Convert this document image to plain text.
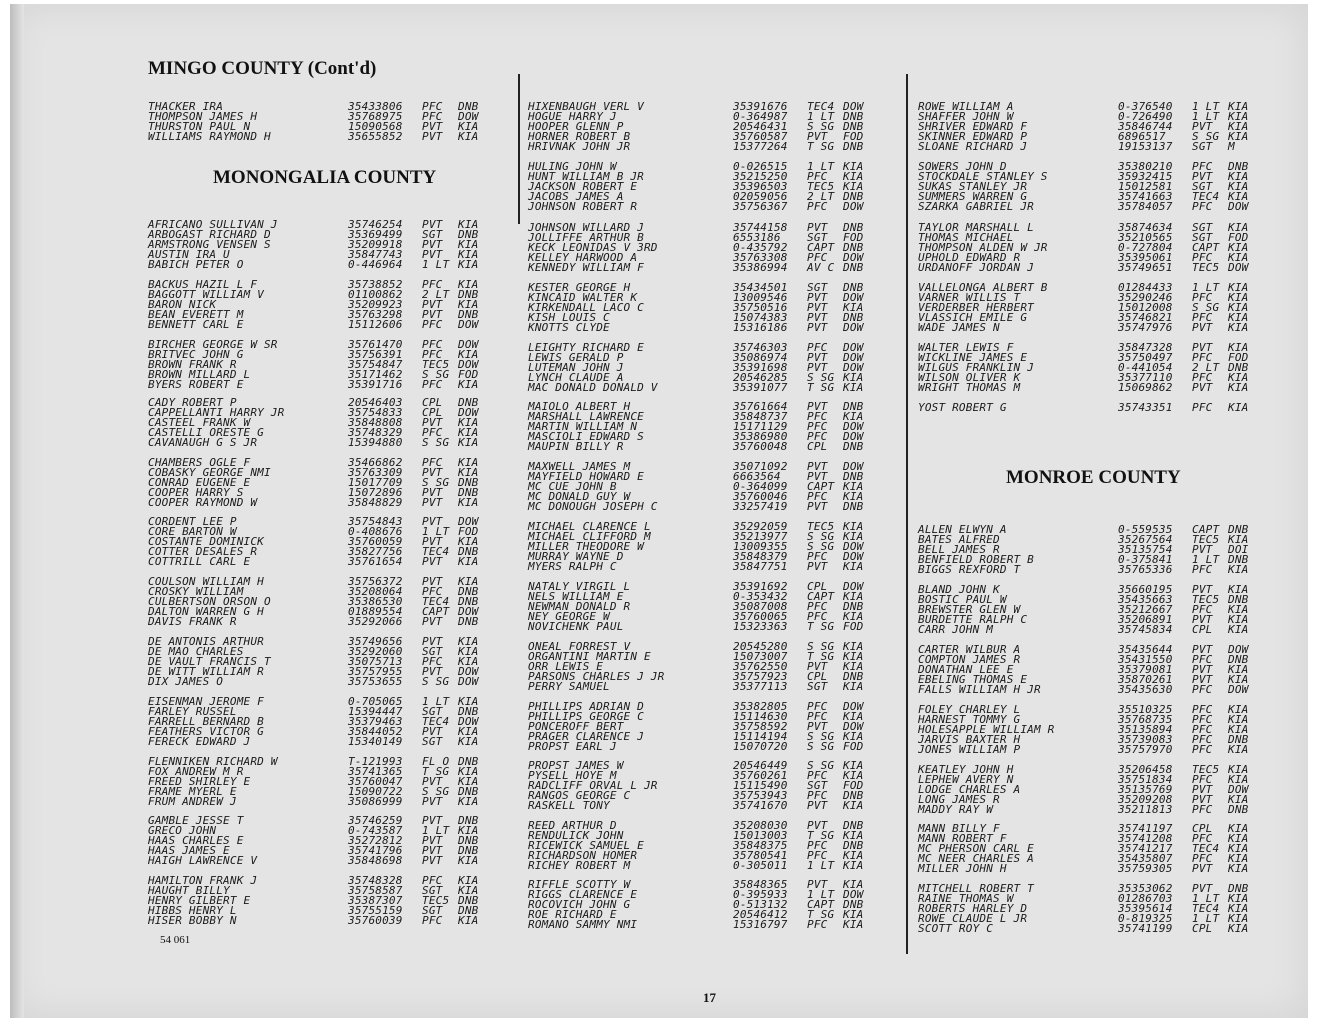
MINGO COUNTY (Cont'd)
MONONGALIA COUNTY
MONROE COUNTY
THACKER IRA	35433806 PFC DNB
THOMPSON JAMES H	35768975 PFC DOW
THURSTON PAUL N	15090568 PVT KIA
WILLIAMS RAYMOND H	35655852 PVT KIA
AFRICANO SULLIVAN J	35746254 PVT KIA
ARBOGAST RICHARD D	35369499 SGT DNB
ARMSTRONG VENSEN S	35209918 PVT KIA
AUSTIN IRA U	35847743 PVT KIA
BABICH PETER O	0-446964 1 LT KIA
BACKUS HAZIL L F	35738852 PFC KIA
BAGGOTT WILLIAM V	01100862 2 LT DNB
BARON NICK	35209923 PVT KIA
BEAN EVERETT M	35763298 PVT DNB
BENNETT CARL E	15112606 PFC DOW
BIRCHER GEORGE W SR	35761470 PFC DOW
BRITVEC JOHN G	35756391 PFC KIA
BROWN FRANK R	35754847 TEC5 DOW
BROWN MILLARD L	35171462 S SG FOD
BYERS ROBERT E	35391716 PFC KIA
CADY ROBERT P	20546403 CPL DNB
CAPPELLANTI HARRY JR	35754833 CPL DOW
CASTEEL FRANK W	35848808 PVT KIA
CASTELLI ORESTE G	35748329 PFC KIA
CAVANAUGH G S JR	15394880 S SG KIA
CHAMBERS OGLE F	35466862 PFC KIA
COBASKY GEORGE NMI	35763309 PVT KIA
CONRAD EUGENE E	15017709 S SG DNB
COOPER HARRY S	15072896 PVT DNB
COOPER RAYMOND W	35848829 PVT KIA
CORDENT LEE P	35754843 PVT DOW
CORE BARTON W	0-408676 1 LT FOD
COSTANTE DOMINICK	35760059 PVT KIA
COTTER DESALES R	35827756 TEC4 DNB
COTTRILL CARL E	35761654 PVT KIA
COULSON WILLIAM H	35756372 PVT KIA
CROSKY WILLIAM	35208064 PFC DNB
CULBERTSON ORSON O	35386530 TEC4 DNB
DALTON WARREN G H	01889554 CAPT DOW
DAVIS FRANK R	35292066 PVT DNB
DE ANTONIS ARTHUR	35749656 PVT KIA
DE MAO CHARLES	35292060 SGT KIA
DE VAULT FRANCIS T	35075713 PFC KIA
DE WITT WILLIAM R	35757955 PVT DOW
DIX JAMES O	35753655 S SG DOW
EISENMAN JEROME F	0-705065 1 LT KIA
FARLEY RUSSEL	15394447 SGT DNB
FARRELL BERNARD B	35379463 TEC4 DOW
FEATHERS VICTOR G	35844052 PVT KIA
FERECK EDWARD J	15340149 SGT KIA
FLENNIKEN RICHARD W	T-121993 FL O DNB
FOX ANDREW M R	35741365 T SG KIA
FREED SHIRLEY E	35760047 PVT KIA
FRAME MYERL E	15090722 S SG DNB
FRUM ANDREW J	35086999 PVT KIA
GAMBLE JESSE T	35746259 PVT DNB
GRECO JOHN	0-743587 1 LT KIA
HAAS CHARLES E	35272812 PVT DNB
HAAS JAMES E	35741796 PVT DNB
HAIGH LAWRENCE V	35848698 PVT KIA
HAMILTON FRANK J	35748328 PFC KIA
HAUGHT BILLY	35758587 SGT KIA
HENRY GILBERT E	35387307 TEC5 DNB
HIBBS HENRY L	35755159 SGT DNB
HISER BOBBY N	35760039 PFC KIA
HIXENBAUGH VERL V	35391676 TEC4 DOW
HOGUE HARRY J	0-364987 1 LT DNB
HOOPER GLENN P	20546431 S SG DNB
HORNER ROBERT B	35760587 PVT FOD
HRIVNAK JOHN JR	15377264 T SG DNB
HULING JOHN W	0-026515 1 LT KIA
HUNT WILLIAM B JR	35215250 PFC KIA
JACKSON ROBERT E	35396503 TEC5 KIA
JACOBS JAMES A	02059056 2 LT DNB
JOHNSON ROBERT R	35756367 PFC DOW
JOHNSON WILLARD J	35744158 PVT DNB
JOLLIFFE ARTHUR B	6553186 SGT FOD
KECK LEONIDAS V 3RD	0-435792 CAPT DNB
KELLEY HARWOOD A	35763308 PFC DOW
KENNEDY WILLIAM F	35386994 AV C DNB
KESTER GEORGE H	35434501 SGT DNB
KINCAID WALTER K	13009546 PVT DOW
KIRKENDALL LACO C	35750516 PVT KIA
KISH LOUIS C	15074383 PVT DNB
KNOTTS CLYDE	15316186 PVT DOW
LEIGHTY RICHARD E	35746303 PFC DOW
LEWIS GERALD P	35086974 PVT DOW
LUTEMAN JOHN J	35391698 PVT DOW
LYNCH CLAUDE A	20546285 S SG KIA
MAC DONALD DONALD V	35391077 T SG KIA
MAIOLO ALBERT H	35761664 PVT DNB
MARSHALL LAWRENCE	35848737 PFC KIA
MARTIN WILLIAM N	15171129 PFC DOW
MASCIOLI EDWARD S	35386980 PFC DOW
MAUPIN BILLY R	35760048 CPL DNB
MAXWELL JAMES M	35071092 PVT DOW
MAYFIELD HOWARD E	6663564 PVT DNB
MC CUE JOHN B	0-364099 CAPT KIA
MC DONALD GUY W	35760046 PFC KIA
MC DONOUGH JOSEPH C	33257419 PVT DNB
MICHAEL CLARENCE L	35292059 TEC5 KIA
MICHAEL CLIFFORD M	35213977 S SG KIA
MILLER THEODORE W	13009355 S SG DOW
MURRAY WAYNE D	35848379 PFC DOW
MYERS RALPH C	35847751 PVT KIA
NATALY VIRGIL L	35391692 CPL DOW
NELS WILLIAM E	0-353432 CAPT KIA
NEWMAN DONALD R	35087008 PFC DNB
NEY GEORGE W	35760065 PFC KIA
NOVICHENK PAUL	15323363 T SG FOD
ONEAL FORREST V	20545280 S SG KIA
ORGANTINI MARTIN E	15073007 T SG KIA
ORR LEWIS E	35762550 PVT KIA
PARSONS CHARLES J JR	35757923 CPL DNB
PERRY SAMUEL	35377113 SGT KIA
PHILLIPS ADRIAN D	35382805 PFC DOW
PHILLIPS GEORGE C	15114630 PFC KIA
PONCEROFF BERT	35758592 PVT DOW
PRAGER CLARENCE J	15114194 S SG KIA
PROPST EARL J	15070720 S SG FOD
PROPST JAMES W	20546449 S SG KIA
PYSELL HOYE M	35760261 PFC KIA
RADCLIFF ORVAL L JR	15115490 SGT FOD
RANGOS GEORGE C	35753943 PFC DNB
RASKELL TONY	35741670 PVT KIA
REED ARTHUR D	35208030 PVT DNB
RENDULICK JOHN	15013003 T SG KIA
RICEWICK SAMUEL E	35848375 PFC DNB
RICHARDSON HOMER	35780541 PFC KIA
RICHEY ROBERT M	0-305011 1 LT KIA
RIFFLE SCOTTY W	35848365 PVT KIA
RIGGS CLARENCE E	0-395933 1 LT DOW
ROCOVICH JOHN G	0-513132 CAPT DNB
ROE RICHARD E	20546412 T SG KIA
ROMANO SAMMY NMI	15316797 PFC KIA
ROWE WILLIAM A	0-376540 1 LT KIA
SHAFFER JOHN W	0-726490 1 LT KIA
SHRIVER EDWARD F	35846744 PVT KIA
SKINNER EDWARD P	6896517 S SG KIA
SLOANE RICHARD J	19153137 SGT M
SOWERS JOHN D	35380210 PFC DNB
STOCKDALE STANLEY S	35932415 PVT KIA
SUKAS STANLEY JR	15012581 SGT KIA
SUMMERS WARREN G	35741663 TEC4 KIA
SZARKA GABRIEL JR	35784057 PFC DOW
TAYLOR MARSHALL L	35874634 SGT KIA
THOMAS MICHAEL	35210565 SGT FOD
THOMPSON ALDEN W JR	0-727804 CAPT KIA
UPHOLD EDWARD R	35395061 PFC KIA
URDANOFF JORDAN J	35749651 TEC5 DOW
VALLELONGA ALBERT B	01284433 1 LT KIA
VARNER WILLIS T	35290246 PFC KIA
VERDERBER HERBERT	15012008 S SG KIA
VLASSICH EMILE G	35746821 PFC KIA
WADE JAMES N	35747976 PVT KIA
WALTER LEWIS F	35847328 PVT KIA
WICKLINE JAMES E	35750497 PFC FOD
WILGUS FRANKLIN J	0-441054 2 LT DNB
WILSON OLIVER K	35377110 PFC KIA
WRIGHT THOMAS M	15069862 PVT KIA
YOST ROBERT G	35743351 PFC KIA
ALLEN ELWYN A	0-559535 CAPT DNB
BATES ALFRED	35267564 TEC5 KIA
BELL JAMES R	35135754 PVT DOI
BENFIELD ROBERT B	0-375841 1 LT DNB
BIGGS REXFORD T	35765336 PFC KIA
BLAND JOHN K	35660195 PVT KIA
BOSTIC PAUL W	35435663 TEC5 DNB
BREWSTER GLEN W	35212667 PFC KIA
BURDETTE RALPH C	35206891 PVT KIA
CARR JOHN M	35745834 CPL KIA
CARTER WILBUR A	35435644 PVT DOW
COMPTON JAMES R	35431550 PFC DNB
DONATHAN LEE E	35379081 PVT KIA
EBELING THOMAS E	35870261 PVT KIA
FALLS WILLIAM H JR	35435630 PFC DOW
FOLEY CHARLEY L	35510325 PFC KIA
HARNEST TOMMY G	35768735 PFC KIA
HOLESAPPLE WILLIAM R	35135894 PFC KIA
JARVIS BAXTER H	35739083 PFC DNB
JONES WILLIAM P	35757970 PFC KIA
KEATLEY JOHN H	35206458 TEC5 KIA
LEPHEW AVERY N	35751834 PFC KIA
LODGE CHARLES A	35135769 PVT DOW
LONG JAMES R	35209208 PVT KIA
MADDY RAY W	35211813 PFC DNB
MANN BILLY F	35741197 CPL KIA
MANN ROBERT F	35741208 PFC KIA
MC PHERSON CARL E	35741217 TEC4 KIA
MC NEER CHARLES A	35435807 PFC KIA
MILLER JOHN H	35759305 PVT KIA
MITCHELL ROBERT T	35353062 PVT DNB
RAINE THOMAS W	01286703 1 LT KIA
ROBERTS HARLEY D	35395614 TEC4 KIA
ROWE CLAUDE L JR	0-819325 1 LT KIA
SCOTT ROY C	35741199 CPL KIA
54 061
17
